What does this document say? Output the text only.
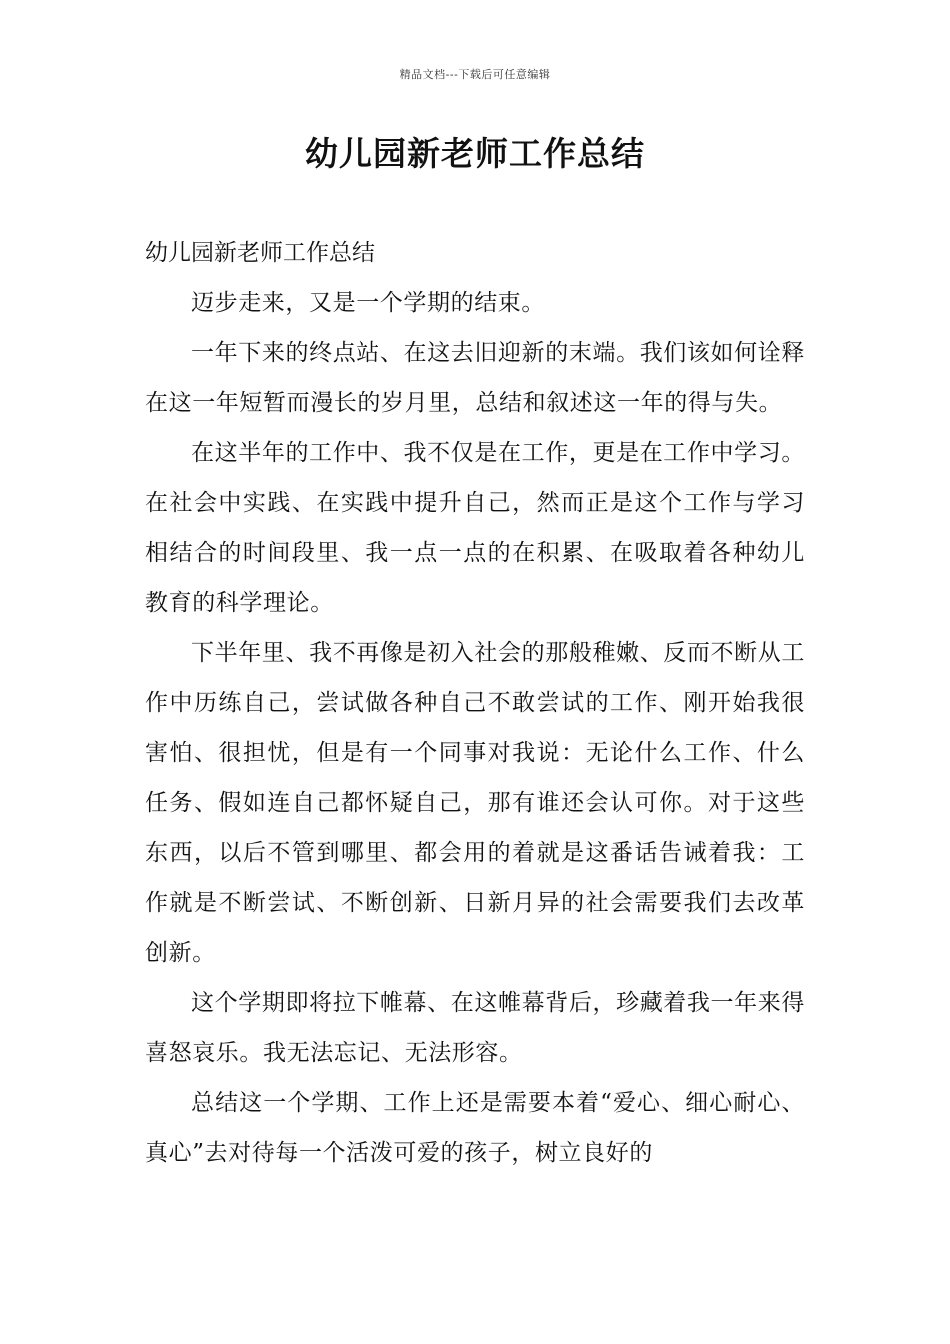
精品文档---下载后可任意编辑
幼儿园新老师工作总结

幼儿园新老师工作总结

迈步走来，又是一个学期的结束。

一年下来的终点站、在这去旧迎新的末端。我们该如何诠释在这一年短暂而漫长的岁月里，总结和叙述这一年的得与失。

在这半年的工作中、我不仅是在工作，更是在工作中学习。在社会中实践、在实践中提升自己，然而正是这个工作与学习相结合的时间段里、我一点一点的在积累、在吸取着各种幼儿教育的科学理论。

下半年里、我不再像是初入社会的那般稚嫩、反而不断从工作中历练自己，尝试做各种自己不敢尝试的工作、刚开始我很害怕、很担忧，但是有一个同事对我说：无论什么工作、什么任务、假如连自己都怀疑自己，那有谁还会认可你。对于这些东西，以后不管到哪里、都会用的着就是这番话告诫着我：工作就是不断尝试、不断创新、日新月异的社会需要我们去改革创新。

这个学期即将拉下帷幕、在这帷幕背后，珍藏着我一年来得喜怒哀乐。我无法忘记、无法形容。

总结这一个学期、工作上还是需要本着“爱心、细心耐心、真心”去对待每一个活泼可爱的孩子，树立良好的
